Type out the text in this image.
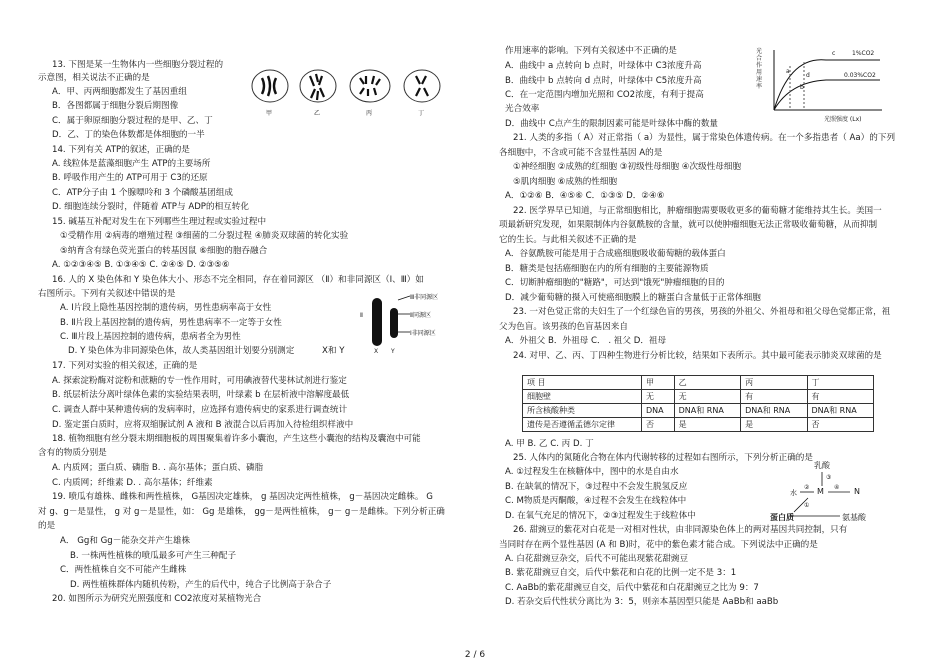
13. 下图是某一生物体内一些细胞分裂过程的
示意图，相关说法不正确的是
A．甲、丙两细胞都发生了基因重组
B．各图都属于细胞分裂后期图像
C．属于卵原细胞分裂过程的是甲、乙、丁
D．乙、丁的染色体数都是体细胞的一半
14. 下列有关 ATP的叙述，正确的是
A. 线粒体是蓝藻细胞产生 ATP的主要场所
B. 呼吸作用产生的 ATP可用于 C3的还原
C．ATP分子由 1 个腺嘌呤和 3 个磷酸基团组成
D. 细胞连续分裂时，伴随着 ATP与 ADP的相互转化
15. 碱基互补配对发生在下列哪些生理过程或实验过程中
①受精作用 ②病毒的增殖过程 ③细菌的二分裂过程 ④肺炎双球菌的转化实验
⑤纳育含有绿色荧光蛋白的转基因鼠 ⑥细胞的胞吞融合
A. ①②③④⑤ B. ①③④⑤ C. ②④⑤ D. ②③⑤⑥
16. 人的 X 染色体和 Y 染色体大小、形态不完全相同，存在着同源区 （Ⅱ）和非同源区（Ⅰ、Ⅲ）如
右图所示。下列有关叙述中错误的是
A. Ⅰ片段上隐性基因控制的遗传病，男性患病率高于女性
B. Ⅱ片段上基因控制的遗传病，男性患病率不一定等于女性
C. Ⅲ片段上基因控制的遗传病，患病者全为男性
D. Y 染色体为非同源染色体，故人类基因组计划要分别测定
17. 下列对实验的相关叙述，正确的是
A. 探索淀粉酶对淀粉和蔗糖的专一性作用时，可用碘液替代斐林试剂进行鉴定
B. 纸层析法分离叶绿体色素的实验结果表明，叶绿素 b 在层析液中溶解度最低
C. 调查人群中某种遗传病的发病率时，应选择有遗传病史的家系进行调查统计
D. 鉴定蛋白质时，应将双缩脲试剂 A 液和 B 液混合以后再加入待检组织样液中
18. 植物细胞有丝分裂末期细胞板的周围聚集着许多小囊泡，产生这些小囊泡的结构及囊泡中可能
含有的物质分别是
A. 内质网；蛋白质、磷脂 B. . 高尔基体；蛋白质、磷脂
C. 内质网；纤维素 D. . 高尔基体；纤维素
19. 喷瓜有雄株、雌株和两性植株， G基因决定雄株， g 基因决定两性植株， g－基因决定雌株。 G
对 g、g－是显性， g 对 g－是显性，如： Gg 是雄株， gg－是两性植株， g－ g－是雌株。下列分析正确
的是
A． Gg和 Gg－能杂交并产生雄株
B. 一株两性植株的喷瓜最多可产生三种配子
C．两性植株自交不可能产生雌株
D. 两性植株群体内随机传粉，产生的后代中，纯合子比例高于杂合子
20. 如图所示为研究光照强度和 CO2浓度对某植物光合
作用速率的影响。下列有关叙述中不正确的是
A．曲线中 a 点转向 b 点时，叶绿体中 C3浓度升高
B．曲线中 b 点转向 d 点时，叶绿体中 C5浓度升高
C．在一定范围内增加光照和 CO2浓度，有利于提高
光合效率
D．曲线中 C点产生的限制因素可能是叶绿体中酶的数量
21. 人类的多指（ A）对正常指（ a）为显性，属于常染色体遗传病。在一个多指患者（ Aa）的下列
各细胞中，不含或可能不含显性基因 A的是
①神经细胞 ②成熟的红细胞 ③初级性母细胞 ④次级性母细胞
⑤肌肉细胞 ⑥成熟的性细胞
A．①②⑥ B．④⑤⑥ C．①③⑤ D．②④⑥
22. 医学界早已知道，与正常细胞相比，肿瘤细胞需要吸收更多的葡萄糖才能维持其生长。美国一
项最新研究发现，如果限制体内谷氨酰胺的含量，就可以使肿瘤细胞无法正常吸收葡萄糖，从而抑制
它的生长。与此相关叙述不正确的是
A．谷氨酰胺可能是用于合成癌细胞吸收葡萄糖的载体蛋白
B．糖类是包括癌细胞在内的所有细胞的主要能源物质
C．切断肿瘤细胞的"糖路"，可达到"饿死"肿瘤细胞的目的
D．减少葡萄糖的摄入可使癌细胞膜上的糖蛋白含量低于正常体细胞
23. 一对色觉正常的夫妇生了一个红绿色盲的男孩，男孩的外祖父、外祖母和祖父母色觉都正常，祖
父为色盲。该男孩的色盲基因来自
A．外祖父 B．外祖母 C． . 祖父 D．祖母
24. 对甲、乙、丙、丁四种生物进行分析比较，结果如下表所示。其中最可能表示肺炎双球菌的是
A. 甲 B. 乙 C. 丙 D. 丁
25. 人体内的氮随化合物在体内代谢转移的过程如右图所示，下列分析正确的是
A. ①过程发生在核糖体中，图中的水是自由水
B. 在缺氧的情况下，③过程中不会发生脱氢反应
C. M物质是丙酮酸，④过程不会发生在线粒体中
D. 在氧气充足的情况下，②③过程发生于线粒体中
26. 甜豌豆的紫花对白花是一对相对性状，由非同源染色体上的两对基因共同控制，只有
当同时存在两个显性基因 (A 和 B)时，花中的紫色素才能合成。下列说法中正确的是
A. 白花甜豌豆杂交，后代不可能出现紫花甜豌豆
B. 紫花甜豌豆自交，后代中紫花和白花的比例一定不是 3：1
C. AaBb的紫花甜豌豆自交，后代中紫花和白花甜豌豆之比为 9：7
D. 若杂交后代性状分离比为 3：5，则亲本基因型只能是 AaBb和 aaBb
甲	乙	丙	丁
Ⅲ非同源区
Ⅱ同源区
Ⅰ非同源区
Ⅱ
X Y
X和 Y
光合作用速率
光照强度 (Lx)
1%CO2
0.03%CO2
a
b
c
d
项 目	甲	乙	丙	丁
细胞壁	无	无	有	有
所含核酸种类	DNA	DNA和 RNA	DNA和 RNA	DNA和 RNA
遗传是否遵循孟德尔定律	否	是	是	否
乳酸
M
水	N
蛋白质	氨基酸
①
②
③
④
2 / 6
